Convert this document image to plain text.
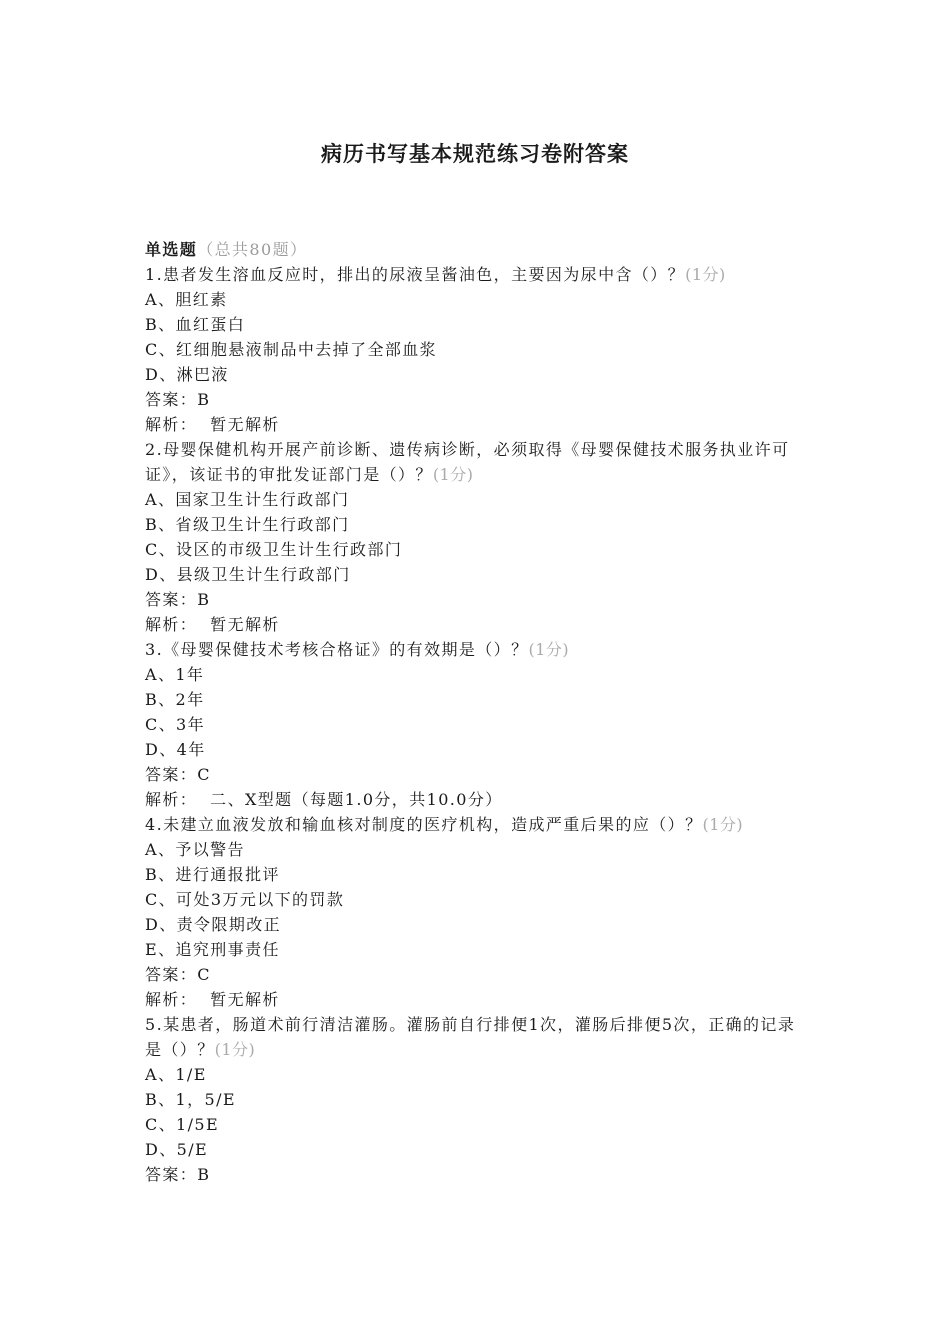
病历书写基本规范练习卷附答案

单选题（总共80题）

1.患者发生溶血反应时，排出的尿液呈酱油色，主要因为尿中含（）？(1分)

A、胆红素

B、血红蛋白

C、红细胞悬液制品中去掉了全部血浆

D、淋巴液

答案：B

解析：  暂无解析

2.母婴保健机构开展产前诊断、遗传病诊断，必须取得《母婴保健技术服务执业许可证》，该证书的审批发证部门是（）？(1分)

A、国家卫生计生行政部门

B、省级卫生计生行政部门

C、设区的市级卫生计生行政部门

D、县级卫生计生行政部门

答案：B

解析：  暂无解析

3.《母婴保健技术考核合格证》的有效期是（）？(1分)

A、1年

B、2年

C、3年

D、4年

答案：C

解析：  二、X型题（每题1.0分，共10.0分）

4.未建立血液发放和输血核对制度的医疗机构，造成严重后果的应（）？(1分)

A、予以警告

B、进行通报批评

C、可处3万元以下的罚款

D、责令限期改正

E、追究刑事责任

答案：C

解析：  暂无解析

5.某患者，肠道术前行清洁灌肠。灌肠前自行排便1次，灌肠后排便5次，正确的记录是（）？(1分)

A、1/E

B、1，5/E

C、1/5E

D、5/E

答案：B
